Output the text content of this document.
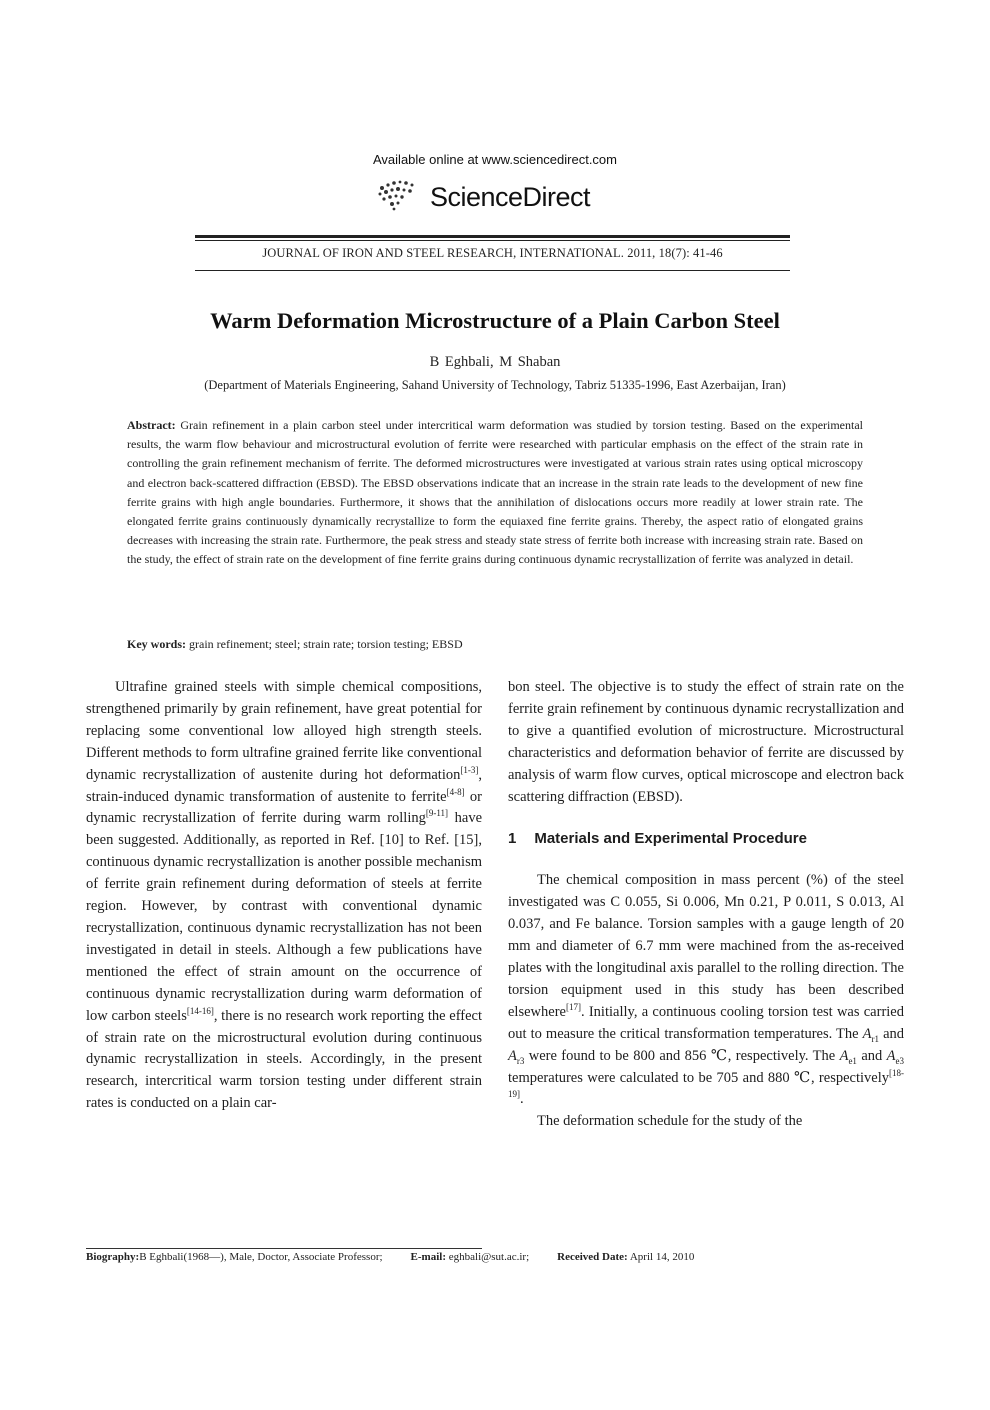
Available online at www.sciencedirect.com
ScienceDirect
JOURNAL OF IRON AND STEEL RESEARCH, INTERNATIONAL. 2011, 18(7): 41-46
Warm Deformation Microstructure of a Plain Carbon Steel
B Eghbali, M Shaban
(Department of Materials Engineering, Sahand University of Technology, Tabriz 51335-1996, East Azerbaijan, Iran)
Abstract: Grain refinement in a plain carbon steel under intercritical warm deformation was studied by torsion testing. Based on the experimental results, the warm flow behaviour and microstructural evolution of ferrite were researched with particular emphasis on the effect of the strain rate in controlling the grain refinement mechanism of ferrite. The deformed microstructures were investigated at various strain rates using optical microscopy and electron back-scattered diffraction (EBSD). The EBSD observations indicate that an increase in the strain rate leads to the development of new fine ferrite grains with high angle boundaries. Furthermore, it shows that the annihilation of dislocations occurs more readily at lower strain rate. The elongated ferrite grains continuously dynamically recrystallize to form the equiaxed fine ferrite grains. Thereby, the aspect ratio of elongated grains decreases with increasing the strain rate. Furthermore, the peak stress and steady state stress of ferrite both increase with increasing strain rate. Based on the study, the effect of strain rate on the development of fine ferrite grains during continuous dynamic recrystallization of ferrite was analyzed in detail.
Key words: grain refinement; steel; strain rate; torsion testing; EBSD

Ultrafine grained steels with simple chemical compositions, strengthened primarily by grain refinement, have great potential for replacing some conventional low alloyed high strength steels. Different methods to form ultrafine grained ferrite like conventional dynamic recrystallization of austenite during hot deformation[1-3], strain-induced dynamic transformation of austenite to ferrite[4-8] or dynamic recrystallization of ferrite during warm rolling[9-11] have been suggested. Additionally, as reported in Ref. [10] to Ref. [15], continuous dynamic recrystallization is another possible mechanism of ferrite grain refinement during deformation of steels at ferrite region. However, by contrast with conventional dynamic recrystallization, continuous dynamic recrystallization has not been investigated in detail in steels. Although a few publications have mentioned the effect of strain amount on the occurrence of continuous dynamic recrystallization during warm deformation of low carbon steels[14-16], there is no research work reporting the effect of strain rate on the microstructural evolution during continuous dynamic recrystallization in steels. Accordingly, in the present research, intercritical warm torsion testing under different strain rates is conducted on a plain car-

bon steel. The objective is to study the effect of strain rate on the ferrite grain refinement by continuous dynamic recrystallization and to give a quantified evolution of microstructure. Microstructural characteristics and deformation behavior of ferrite are discussed by analysis of warm flow curves, optical microscope and electron back scattering diffraction (EBSD).

1 Materials and Experimental Procedure

The chemical composition in mass percent (%) of the steel investigated was C 0.055, Si 0.006, Mn 0.21, P 0.011, S 0.013, Al 0.037, and Fe balance. Torsion samples with a gauge length of 20 mm and diameter of 6.7 mm were machined from the as-received plates with the longitudinal axis parallel to the rolling direction. The torsion equipment used in this study has been described elsewhere[17]. Initially, a continuous cooling torsion test was carried out to measure the critical transformation temperatures. The $A_{r1}$ and $A_{r3}$ were found to be 800 and 856 ℃, respectively. The $A_{e1}$ and $A_{e3}$ temperatures were calculated to be 705 and 880 ℃, respectively[18-19].

The deformation schedule for the study of the

Biography:B Eghbali(1968—), Male, Doctor, Associate Professor;	E-mail: eghbali@sut.ac.ir;	Received Date: April 14, 2010
